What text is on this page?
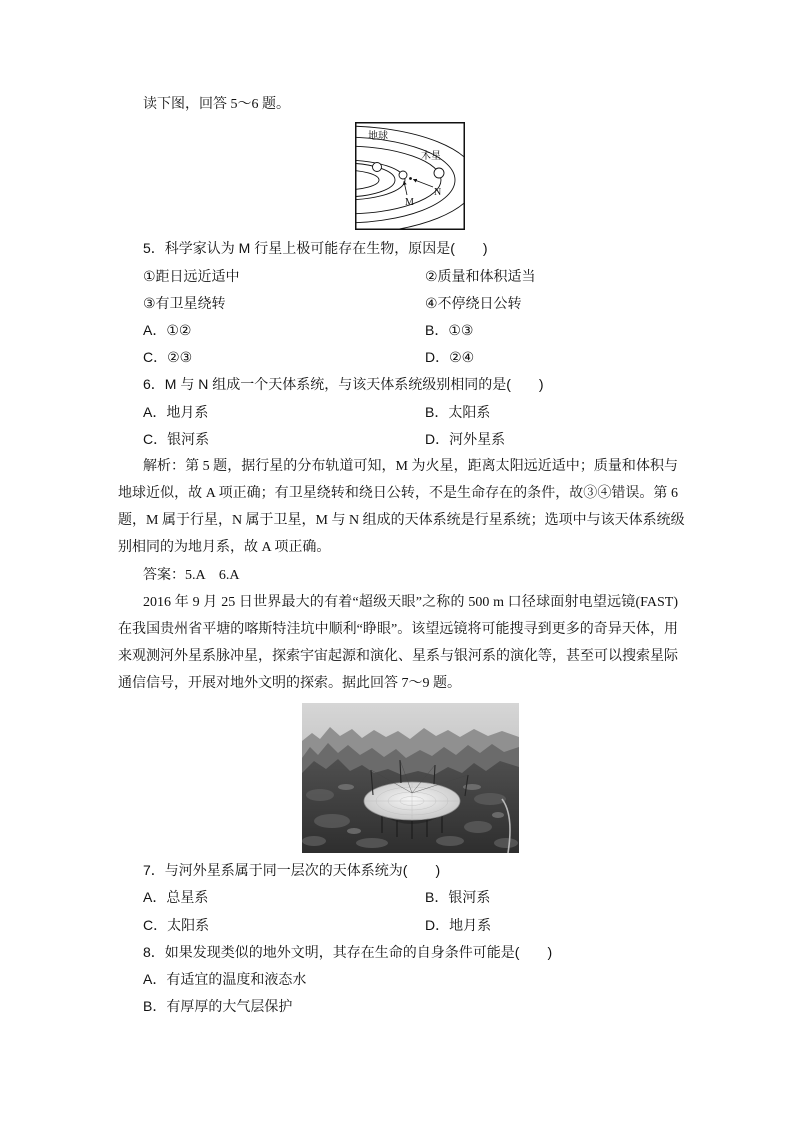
读下图，回答 5～6 题。
地球
木星
M
N
5．科学家认为 M 行星上极可能存在生物，原因是(　　)
①距日远近适中	②质量和体积适当
③有卫星绕转	④不停绕日公转
A．①②	B．①③
C．②③	D．②④
6．M 与 N 组成一个天体系统，与该天体系统级别相同的是(　　)
A．地月系	B．太阳系
C．银河系	D．河外星系
解析：第 5 题，据行星的分布轨道可知，M 为火星，距离太阳远近适中；质量和体积与
地球近似，故 A 项正确；有卫星绕转和绕日公转，不是生命存在的条件，故③④错误。第 6
题，M 属于行星，N 属于卫星，M 与 N 组成的天体系统是行星系统；选项中与该天体系统级
别相同的为地月系，故 A 项正确。
答案：5.A　6.A
2016 年 9 月 25 日世界最大的有着“超级天眼”之称的 500 m 口径球面射电望远镜(FAST)
在我国贵州省平塘的喀斯特洼坑中顺利“睁眼”。该望远镜将可能搜寻到更多的奇异天体，用
来观测河外星系脉冲星，探索宇宙起源和演化、星系与银河系的演化等，甚至可以搜索星际
通信信号，开展对地外文明的探索。据此回答 7～9 题。
7．与河外星系属于同一层次的天体系统为(　　)
A．总星系	B．银河系
C．太阳系	D．地月系
8．如果发现类似的地外文明，其存在生命的自身条件可能是(　　)
A．有适宜的温度和液态水
B．有厚厚的大气层保护
